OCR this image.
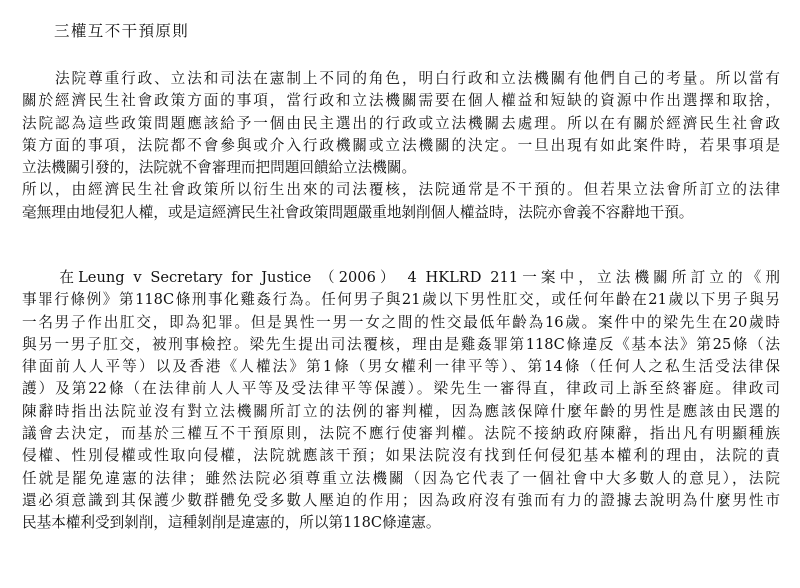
三權互不干預原則

　　法院尊重行政、立法和司法在憲制上不同的角色，明白行政和立法機關有他們自己的考量。所以當有
關於經濟民生社會政策方面的事項，當行政和立法機關需要在個人權益和短缺的資源中作出選擇和取捨，
法院認為這些政策問題應該給予一個由民主選出的行政或立法機關去處理。所以在有關於經濟民生社會政
策方面的事項，法院都不會參與或介入行政機關或立法機關的決定。一旦出現有如此案件時，若果事項是
立法機關引發的，法院就不會審理而把問題回饋給立法機關。
所以，由經濟民生社會政策所以衍生出來的司法覆核，法院通常是不干預的。但若果立法會所訂立的法律
毫無理由地侵犯人權，或是這經濟民生社會政策問題嚴重地剝削個人權益時，法院亦會義不容辭地干預。

　　在Leung v Secretary for Justice （2006） 4 HKLRD 211一案中，立法機關所訂立的《刑
事罪行條例》第118C條刑事化雞姦行為。任何男子與21歲以下男性肛交，或任何年齡在21歲以下男子與另
一名男子作出肛交，即為犯罪。但是異性一男一女之間的性交最低年齡為16歲。案件中的梁先生在20歲時
與另一男子肛交，被刑事檢控。梁先生提出司法覆核，理由是雞姦罪第118C條違反《基本法》第25條（法
律面前人人平等）以及香港《人權法》第1條（男女權利一律平等）、第14條（任何人之私生活受法律保
護）及第22條（在法律前人人平等及受法律平等保護）。梁先生一審得直，律政司上訴至終審庭。律政司
陳辭時指出法院並沒有對立法機關所訂立的法例的審判權，因為應該保障什麼年齡的男性是應該由民選的
議會去決定，而基於三權互不干預原則，法院不應行使審判權。法院不接納政府陳辭，指出凡有明顯種族
侵權、性別侵權或性取向侵權，法院就應該干預；如果法院沒有找到任何侵犯基本權利的理由，法院的責
任就是罷免違憲的法律；雖然法院必須尊重立法機關（因為它代表了一個社會中大多數人的意見），法院
還必須意識到其保護少數群體免受多數人壓迫的作用；因為政府沒有強而有力的證據去說明為什麼男性市
民基本權利受到剝削，這種剝削是違憲的，所以第118C條違憲。
